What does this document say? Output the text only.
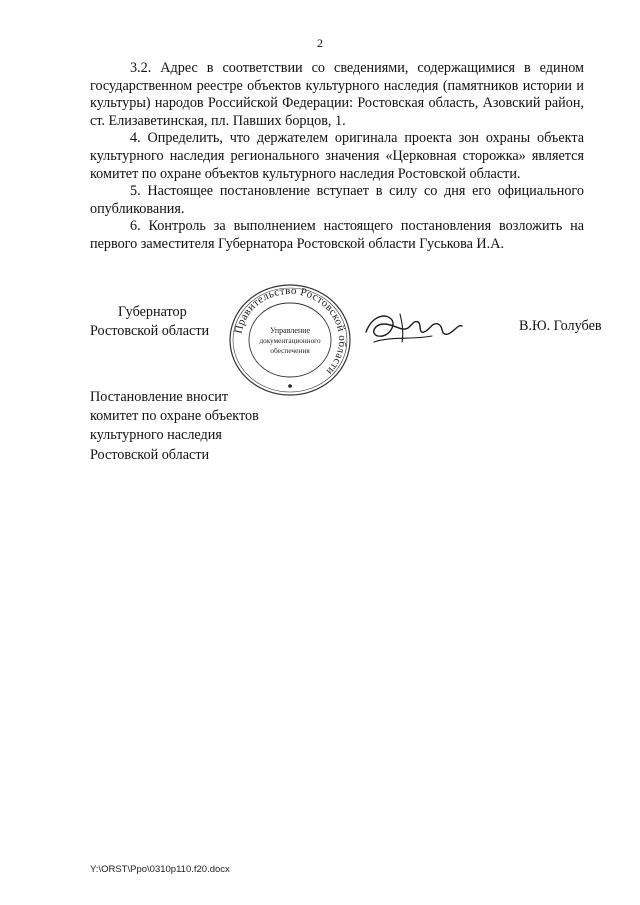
2

3.2. Адрес в соответствии со сведениями, содержащимися в едином государственном реестре объектов культурного наследия (памятников истории и культуры) народов Российской Федерации: Ростовская область, Азовский район, ст. Елизаветинская, пл. Павших борцов, 1.

4. Определить, что держателем оригинала проекта зон охраны объекта культурного наследия регионального значения «Церковная сторожка» является комитет по охране объектов культурного наследия Ростовской области.

5. Настоящее постановление вступает в силу со дня его официального опубликования.

6. Контроль за выполнением настоящего постановления возложить на первого заместителя Губернатора Ростовской области Гуськова И.А.

Губернатор
Ростовской области Правительство Ростовской области
Управление
документационного
обеспечения
В.Ю. Голубев
Постановление вносит
комитет по охране объектов
культурного наследия
Ростовской области
Y:\ORST\Ppo\0310p110.f20.docx
